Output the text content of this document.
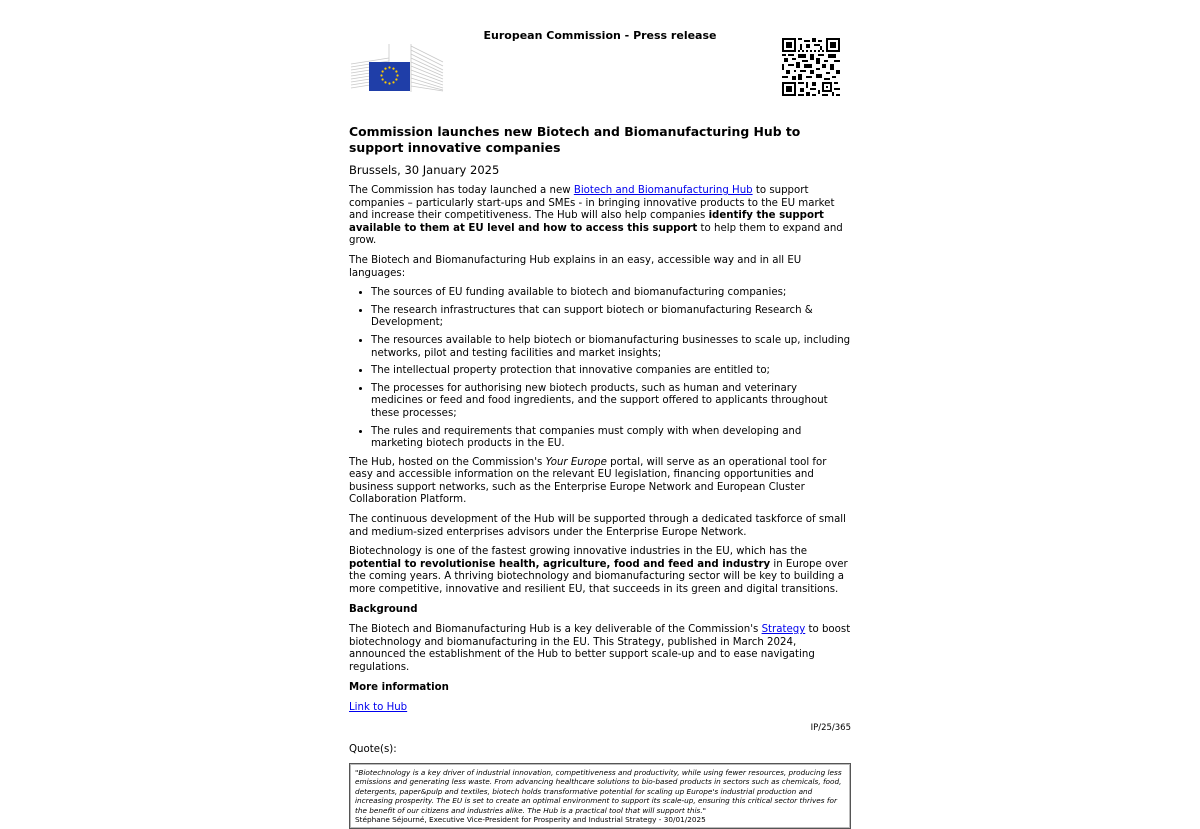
European Commission - Press release
Commission launches new Biotech and Biomanufacturing Hub to support innovative companies
Brussels, 30 January 2025

The Commission has today launched a new Biotech and Biomanufacturing Hub to support companies – particularly start-ups and SMEs - in bringing innovative products to the EU market and increase their competitiveness. The Hub will also help companies identify the support available to them at EU level and how to access this support to help them to expand and grow.

The Biotech and Biomanufacturing Hub explains in an easy, accessible way and in all EU languages:

• The sources of EU funding available to biotech and biomanufacturing companies;
• The research infrastructures that can support biotech or biomanufacturing Research & Development;
• The resources available to help biotech or biomanufacturing businesses to scale up, including networks, pilot and testing facilities and market insights;
• The intellectual property protection that innovative companies are entitled to;
• The processes for authorising new biotech products, such as human and veterinary medicines or feed and food ingredients, and the support offered to applicants throughout these processes;
• The rules and requirements that companies must comply with when developing and marketing biotech products in the EU.

The Hub, hosted on the Commission's Your Europe portal, will serve as an operational tool for easy and accessible information on the relevant EU legislation, financing opportunities and business support networks, such as the Enterprise Europe Network and European Cluster Collaboration Platform.

The continuous development of the Hub will be supported through a dedicated taskforce of small and medium-sized enterprises advisors under the Enterprise Europe Network.

Biotechnology is one of the fastest growing innovative industries in the EU, which has the potential to revolutionise health, agriculture, food and feed and industry in Europe over the coming years. A thriving biotechnology and biomanufacturing sector will be key to building a more competitive, innovative and resilient EU, that succeeds in its green and digital transitions.

Background

The Biotech and Biomanufacturing Hub is a key deliverable of the Commission's Strategy to boost biotechnology and biomanufacturing in the EU. This Strategy, published in March 2024, announced the establishment of the Hub to better support scale-up and to ease navigating regulations.

More information

Link to Hub

IP/25/365
Quote(s):
"Biotechnology is a key driver of industrial innovation, competitiveness and productivity, while using fewer resources, producing less emissions and generating less waste. From advancing healthcare solutions to bio-based products in sectors such as chemicals, food, detergents, paper&pulp and textiles, biotech holds transformative potential for scaling up Europe's industrial production and increasing prosperity. The EU is set to create an optimal environment to support its scale-up, ensuring this critical sector thrives for the benefit of our citizens and industries alike. The Hub is a practical tool that will support this."
Stéphane Séjourné, Executive Vice-President for Prosperity and Industrial Strategy - 30/01/2025
